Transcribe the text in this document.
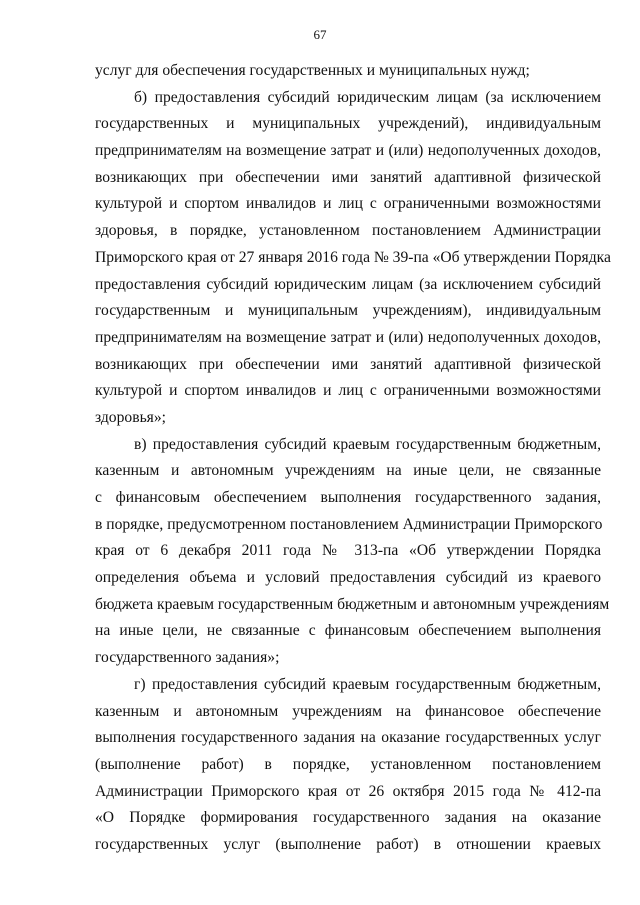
67
услуг для обеспечения государственных и муниципальных нужд;
б) предоставления субсидий юридическим лицам (за исключением
государственных и муниципальных учреждений), индивидуальным
предпринимателям на возмещение затрат и (или) недополученных доходов,
возникающих при обеспечении ими занятий адаптивной физической
культурой и спортом инвалидов и лиц с ограниченными возможностями
здоровья, в порядке, установленном постановлением Администрации
Приморского края от 27 января 2016 года № 39-па «Об утверждении Порядка
предоставления субсидий юридическим лицам (за исключением субсидий
государственным и муниципальным учреждениям), индивидуальным
предпринимателям на возмещение затрат и (или) недополученных доходов,
возникающих при обеспечении ими занятий адаптивной физической
культурой и спортом инвалидов и лиц с ограниченными возможностями
здоровья»;
в) предоставления субсидий краевым государственным бюджетным,
казенным и автономным учреждениям на иные цели, не связанные
с финансовым обеспечением выполнения государственного задания,
в порядке, предусмотренном постановлением Администрации Приморского
края от 6 декабря 2011 года № 313-па «Об утверждении Порядка
определения объема и условий предоставления субсидий из краевого
бюджета краевым государственным бюджетным и автономным учреждениям
на иные цели, не связанные с финансовым обеспечением выполнения
государственного задания»;
г) предоставления субсидий краевым государственным бюджетным,
казенным и автономным учреждениям на финансовое обеспечение
выполнения государственного задания на оказание государственных услуг
(выполнение работ) в порядке, установленном постановлением
Администрации Приморского края от 26 октября 2015 года № 412-па
«О Порядке формирования государственного задания на оказание
государственных услуг (выполнение работ) в отношении краевых
